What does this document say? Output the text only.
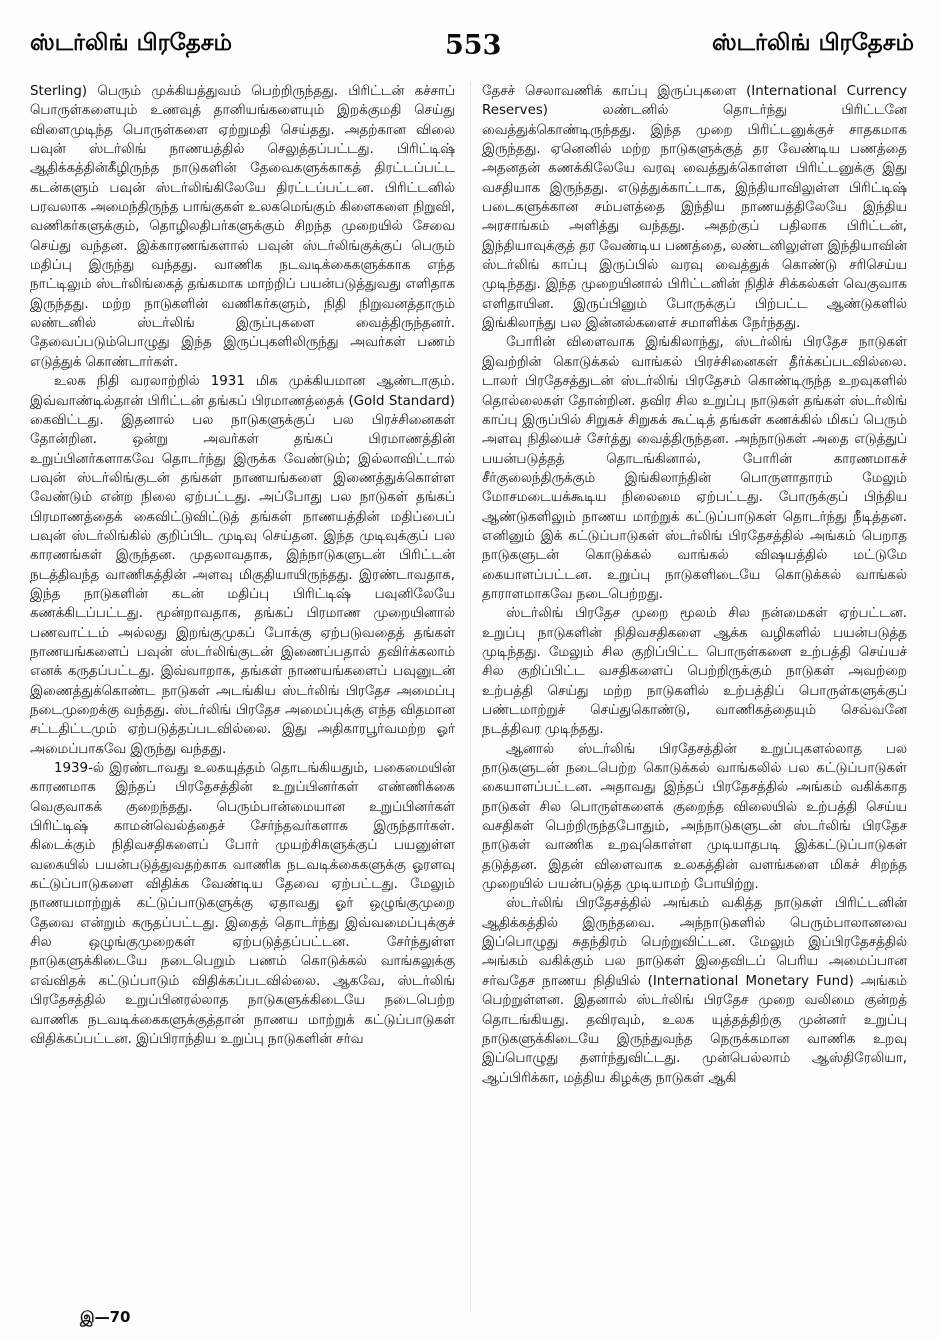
ஸ்டர்லிங் பிரதேசம்	553	ஸ்டர்லிங் பிரதேசம்

Sterling) பெரும் முக்கியத்துவம் பெற்றிருந்தது. பிரிட்டன் கச்சாப் பொருள்களையும் உணவுத் தானியங்களையும் இறக்குமதி செய்து விளைமுடிந்த பொருள்களை ஏற்றுமதி செய்தது. அதற்கான விலை பவுன் ஸ்டர்லிங் நாணயத்தில் செலுத்தப்பட்டது. பிரிட்டிஷ் ஆதிக்கத்தின்கீழிருந்த நாடுகளின் தேவைகளுக்காகத் திரட்டப்பட்ட கடன்களும் பவுன் ஸ்டர்லிங்கிலேயே திரட்டப்பட்டன. பிரிட்டனில் பரவலாக அமைந்திருந்த பாங்குகள் உலகமெங்கும் கிளைகளை நிறுவி, வணிகர்களுக்கும், தொழிலதிபர்களுக்கும் சிறந்த முறையில் சேவை செய்து வந்தன. இக்காரணங்களால் பவுன் ஸ்டர்லிங்குக்குப் பெரும் மதிப்பு இருந்து வந்தது. வாணிக நடவடிக்கைகளுக்காக எந்த நாட்டிலும் ஸ்டர்லிங்கைத் தங்கமாக மாற்றிப் பயன்படுத்துவது எளிதாக இருந்தது. மற்ற நாடுகளின் வணிகர்களும், நிதி நிறுவனத்தாரும் லண்டனில் ஸ்டர்லிங் இருப்புகளை வைத்திருந்தனர். தேவைப்படும்பொழுது இந்த இருப்புகளிலிருந்து அவர்கள் பணம் எடுத்துக் கொண்டார்கள்.

உலக நிதி வரலாற்றில் 1931 மிக முக்கியமான ஆண்டாகும். இவ்வாண்டில்தான் பிரிட்டன் தங்கப் பிரமாணத்தைக் (Gold Standard) கைவிட்டது. இதனால் பல நாடுகளுக்குப் பல பிரச்சினைகள் தோன்றின. ஒன்று அவர்கள் தங்கப் பிரமாணத்தின் உறுப்பினர்களாகவே தொடர்ந்து இருக்க வேண்டும்; இல்லாவிட்டால் பவுன் ஸ்டர்லிங்குடன் தங்கள் நாணயங்களை இணைத்துக்கொள்ள வேண்டும் என்ற நிலை ஏற்பட்டது. அப்போது பல நாடுகள் தங்கப் பிரமாணத்தைக் கைவிட்டுவிட்டுத் தங்கள் நாணயத்தின் மதிப்பைப் பவுன் ஸ்டர்லிங்கில் குறிப்பிட முடிவு செய்தன. இந்த முடிவுக்குப் பல காரணங்கள் இருந்தன. முதலாவதாக, இந்நாடுகளுடன் பிரிட்டன் நடத்திவந்த வாணிகத்தின் அளவு மிகுதியாயிருந்தது. இரண்டாவதாக, இந்த நாடுகளின் கடன் மதிப்பு பிரிட்டிஷ் பவுனிலேயே கணக்கிடப்பட்டது. மூன்றாவதாக, தங்கப் பிரமாண முறையினால் பணவாட்டம் அல்லது இறங்குமுகப் போக்கு ஏற்படுவதைத் தங்கள் நாணயங்களைப் பவுன் ஸ்டர்லிங்குடன் இணைப்பதால் தவிர்க்கலாம் எனக் கருதப்பட்டது. இவ்வாறாக, தங்கள் நாணயங்களைப் பவுனுடன் இணைத்துக்கொண்ட நாடுகள் அடங்கிய ஸ்டர்லிங் பிரதேச அமைப்பு நடைமுறைக்கு வந்தது. ஸ்டர்லிங் பிரதேச அமைப்புக்கு எந்த விதமான சட்டதிட்டமும் ஏற்படுத்தப்படவில்லை. இது அதிகாரபூர்வமற்ற ஓர் அமைப்பாகவே இருந்து வந்தது.

1939-ல் இரண்டாவது உலகயுத்தம் தொடங்கியதும், பகைமையின் காரணமாக இந்தப் பிரதேசத்தின் உறுப்பினர்கள் எண்ணிக்கை வெகுவாகக் குறைந்தது. பெரும்பான்மையான உறுப்பினர்கள் பிரிட்டிஷ் காமன்வெல்த்தைச் சேர்ந்தவர்களாக இருந்தார்கள். கிடைக்கும் நிதிவசதிகளைப் போர் முயற்சிகளுக்குப் பயனுள்ள வகையில் பயன்படுத்துவதற்காக வாணிக நடவடிக்கைகளுக்கு ஓரளவு கட்டுப்பாடுகளை விதிக்க வேண்டிய தேவை ஏற்பட்டது. மேலும் நாணயமாற்றுக் கட்டுப்பாடுகளுக்கு ஏதாவது ஓர் ஒழுங்குமுறை தேவை என்றும் கருதப்பட்டது. இதைத் தொடர்ந்து இவ்வமைப்புக்குச் சில ஒழுங்குமுறைகள் ஏற்படுத்தப்பட்டன. சேர்ந்துள்ள நாடுகளுக்கிடையே நடைபெறும் பணம் கொடுக்கல் வாங்கலுக்கு எவ்விதக் கட்டுப்பாடும் விதிக்கப்படவில்லை. ஆகவே, ஸ்டர்லிங் பிரதேசத்தில் உறுப்பினரல்லாத நாடுகளுக்கிடையே நடைபெற்ற வாணிக நடவடிக்கைகளுக்குத்தான் நாணய மாற்றுக் கட்டுப்பாடுகள் விதிக்கப்பட்டன. இப்பிராந்திய உறுப்பு நாடுகளின் சர்வ

தேசச் செலாவணிக் காப்பு இருப்புகளை (International Currency Reserves) லண்டனில் தொடர்ந்து பிரிட்டனே வைத்துக்கொண்டிருந்தது. இந்த முறை பிரிட்டனுக்குச் சாதகமாக இருந்தது. ஏனெனில் மற்ற நாடுகளுக்குத் தர வேண்டிய பணத்தை அதனதன் கணக்கிலேயே வரவு வைத்துக்கொள்ள பிரிட்டனுக்கு இது வசதியாக இருந்தது. எடுத்துக்காட்டாக, இந்தியாவிலுள்ள பிரிட்டிஷ் படைகளுக்கான சம்பளத்தை இந்திய நாணயத்திலேயே இந்திய அரசாங்கம் அளித்து வந்தது. அதற்குப் பதிலாக பிரிட்டன், இந்தியாவுக்குத் தர வேண்டிய பணத்தை, லண்டனிலுள்ள இந்தியாவின் ஸ்டர்லிங் காப்பு இருப்பில் வரவு வைத்துக் கொண்டு சரிசெய்ய முடிந்தது. இந்த முறையினால் பிரிட்டனின் நிதிச் சிக்கல்கள் வெகுவாக எளிதாயின. இருப்பினும் போருக்குப் பிற்பட்ட ஆண்டுகளில் இங்கிலாந்து பல இன்னல்களைச் சமாளிக்க நேர்ந்தது.

போரின் விளைவாக இங்கிலாந்து, ஸ்டர்லிங் பிரதேச நாடுகள் இவற்றின் கொடுக்கல் வாங்கல் பிரச்சினைகள் தீர்க்கப்படவில்லை. டாலர் பிரதேசத்துடன் ஸ்டர்லிங் பிரதேசம் கொண்டிருந்த உறவுகளில் தொல்லைகள் தோன்றின. தவிர சில உறுப்பு நாடுகள் தங்கள் ஸ்டர்லிங் காப்பு இருப்பில் சிறுகச் சிறுகக் கூட்டித் தங்கள் கணக்கில் மிகப் பெரும் அளவு நிதியைச் சேர்த்து வைத்திருந்தன. அந்நாடுகள் அதை எடுத்துப் பயன்படுத்தத் தொடங்கினால், போரின் காரணமாகச் சீர்குலைந்திருக்கும் இங்கிலாந்தின் பொருளாதாரம் மேலும் மோசமடையக்கூடிய நிலைமை ஏற்பட்டது. போருக்குப் பிந்திய ஆண்டுகளிலும் நாணய மாற்றுக் கட்டுப்பாடுகள் தொடர்ந்து நீடித்தன. எனினும் இக் கட்டுப்பாடுகள் ஸ்டர்லிங் பிரதேசத்தில் அங்கம் பெறாத நாடுகளுடன் கொடுக்கல் வாங்கல் விஷயத்தில் மட்டுமே கையாளப்பட்டன. உறுப்பு நாடுகளிடையே கொடுக்கல் வாங்கல் தாராளமாகவே நடைபெற்றது.

ஸ்டர்லிங் பிரதேச முறை மூலம் சில நன்மைகள் ஏற்பட்டன. உறுப்பு நாடுகளின் நிதிவசதிகளை ஆக்க வழிகளில் பயன்படுத்த முடிந்தது. மேலும் சில குறிப்பிட்ட பொருள்களை உற்பத்தி செய்யச் சில குறிப்பிட்ட வசதிகளைப் பெற்றிருக்கும் நாடுகள் அவற்றை உற்பத்தி செய்து மற்ற நாடுகளில் உற்பத்திப் பொருள்களுக்குப் பண்டமாற்றுச் செய்துகொண்டு, வாணிகத்தையும் செவ்வனே நடத்திவர முடிந்தது.

ஆனால் ஸ்டர்லிங் பிரதேசத்தின் உறுப்புகளல்லாத பல நாடுகளுடன் நடைபெற்ற கொடுக்கல் வாங்கலில் பல கட்டுப்பாடுகள் கையாளப்பட்டன. அதாவது இந்தப் பிரதேசத்தில் அங்கம் வகிக்காத நாடுகள் சில பொருள்களைக் குறைந்த விலையில் உற்பத்தி செய்ய வசதிகள் பெற்றிருந்தபோதும், அந்நாடுகளுடன் ஸ்டர்லிங் பிரதேச நாடுகள் வாணிக உறவுகொள்ள முடியாதபடி இக்கட்டுப்பாடுகள் தடுத்தன. இதன் விளைவாக உலகத்தின் வளங்களை மிகச் சிறந்த முறையில் பயன்படுத்த முடியாமற் போயிற்று.

ஸ்டர்லிங் பிரதேசத்தில் அங்கம் வகித்த நாடுகள் பிரிட்டனின் ஆதிக்கத்தில் இருந்தவை. அந்நாடுகளில் பெரும்பாலானவை இப்பொழுது சுதந்திரம் பெற்றுவிட்டன. மேலும் இப்பிரதேசத்தில் அங்கம் வகிக்கும் பல நாடுகள் இதைவிடப் பெரிய அமைப்பான சர்வதேச நாணய நிதியில் (International Monetary Fund) அங்கம் பெற்றுள்ளன. இதனால் ஸ்டர்லிங் பிரதேச முறை வலிமை குன்றத் தொடங்கியது. தவிரவும், உலக யுத்தத்திற்கு முன்னர் உறுப்பு நாடுகளுக்கிடையே இருந்துவந்த நெருக்கமான வாணிக உறவு இப்பொழுது தளர்ந்துவிட்டது. முன்பெல்லாம் ஆஸ்திரேலியா, ஆப்பிரிக்கா, மத்திய கிழக்கு நாடுகள் ஆகி

இ—70
